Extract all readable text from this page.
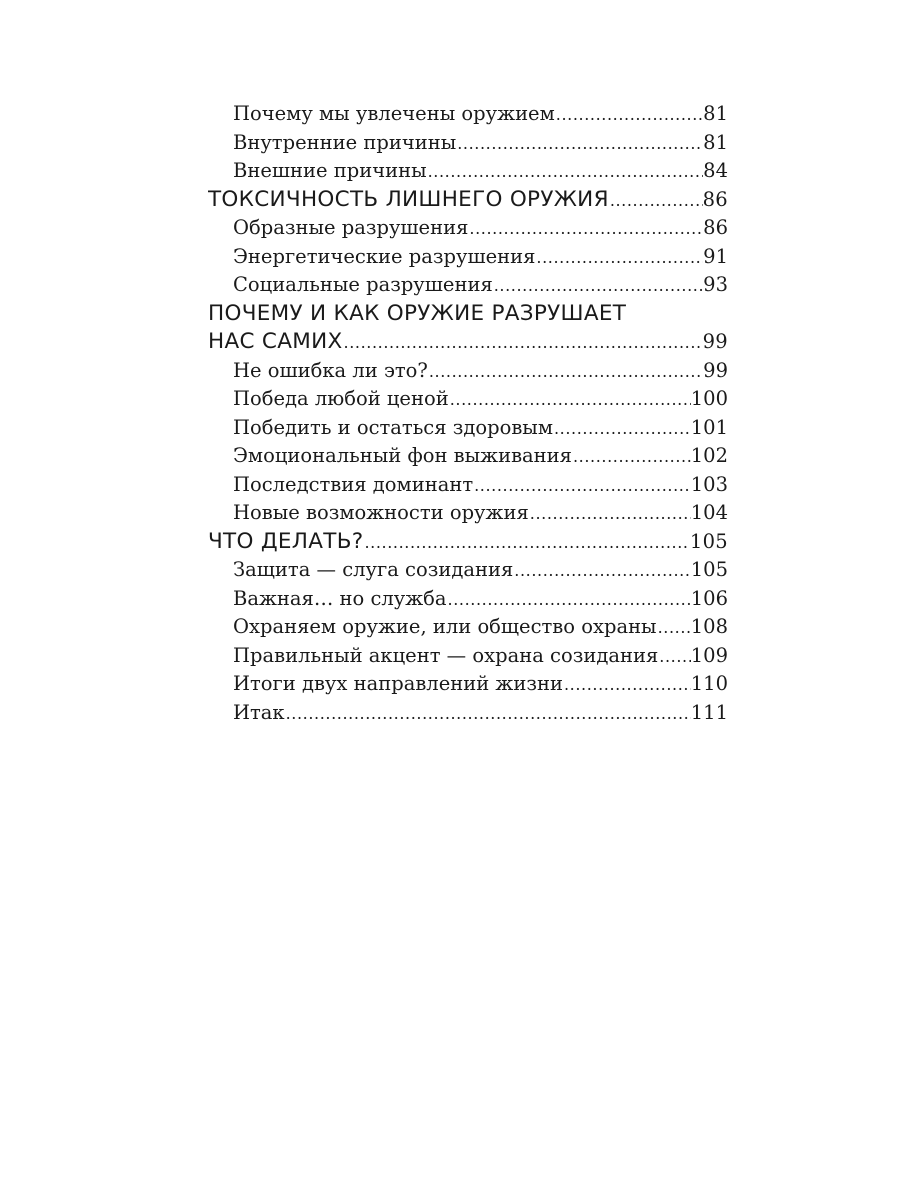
Почему мы увлечены оружием .....	81
Внутренние причины .....	81
Внешние причины .....	84
ТОКСИЧНОСТЬ ЛИШНЕГО ОРУЖИЯ .....	86
Образные разрушения .....	86
Энергетические разрушения .....	91
Социальные разрушения .....	93
ПОЧЕМУ И КАК ОРУЖИЕ РАЗРУШАЕТ
НАС САМИХ .....	99
Не ошибка ли это? .....	99
Победа любой ценой .....	100
Победить и остаться здоровым .....	101
Эмоциональный фон выживания .....	102
Последствия доминант .....	103
Новые возможности оружия .....	104
ЧТО ДЕЛАТЬ? .....	105
Защита — слуга созидания .....	105
Важная… но служба .....	106
Охраняем оружие, или общество охраны ..... 108
Правильный акцент — охрана созидания ..... 109
Итоги двух направлений жизни .....	110
Итак .....	111
